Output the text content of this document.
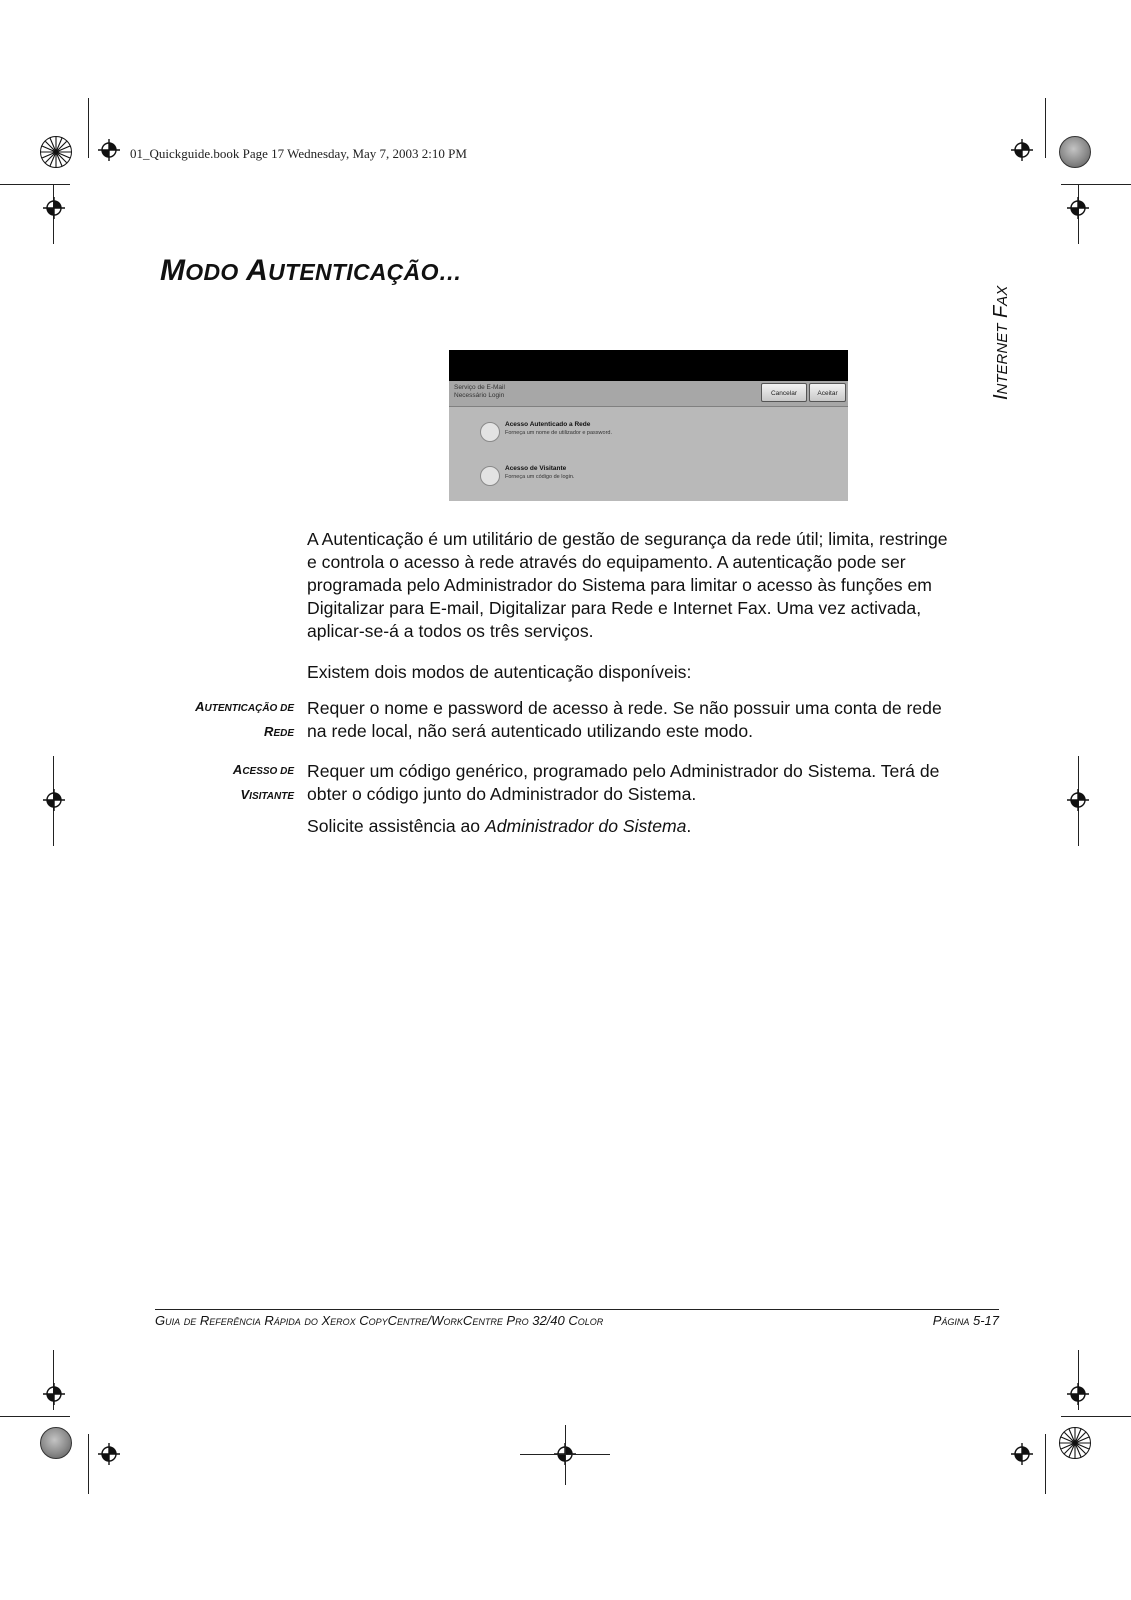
01_Quickguide.book Page 17 Wednesday, May 7, 2003 2:10 PM
MODO AUTENTICAÇÃO…
INTERNET FAX
Serviço de E-Mail
Necessário Login	Cancelar	Aceitar
Acesso Autenticado a Rede
Forneça um nome de utilizador e password.
Acesso de Visitante
Forneça um código de login.
A Autenticação é um utilitário de gestão de segurança da rede útil; limita, restringe
e controla o acesso à rede através do equipamento. A autenticação pode ser
programada pelo Administrador do Sistema para limitar o acesso às funções em
Digitalizar para E-mail, Digitalizar para Rede e Internet Fax. Uma vez activada,
aplicar-se-á a todos os três serviços.
Existem dois modos de autenticação disponíveis:
AUTENTICAÇÃO DE
REDE
Requer o nome e password de acesso à rede. Se não possuir uma conta de rede
na rede local, não será autenticado utilizando este modo.
ACESSO DE
VISITANTE
Requer um código genérico, programado pelo Administrador do Sistema. Terá de
obter o código junto do Administrador do Sistema.
Solicite assistência ao Administrador do Sistema.
Guia de Referência Rápida do Xerox CopyCentre/WorkCentre Pro 32/40 Color	Página 5-17
